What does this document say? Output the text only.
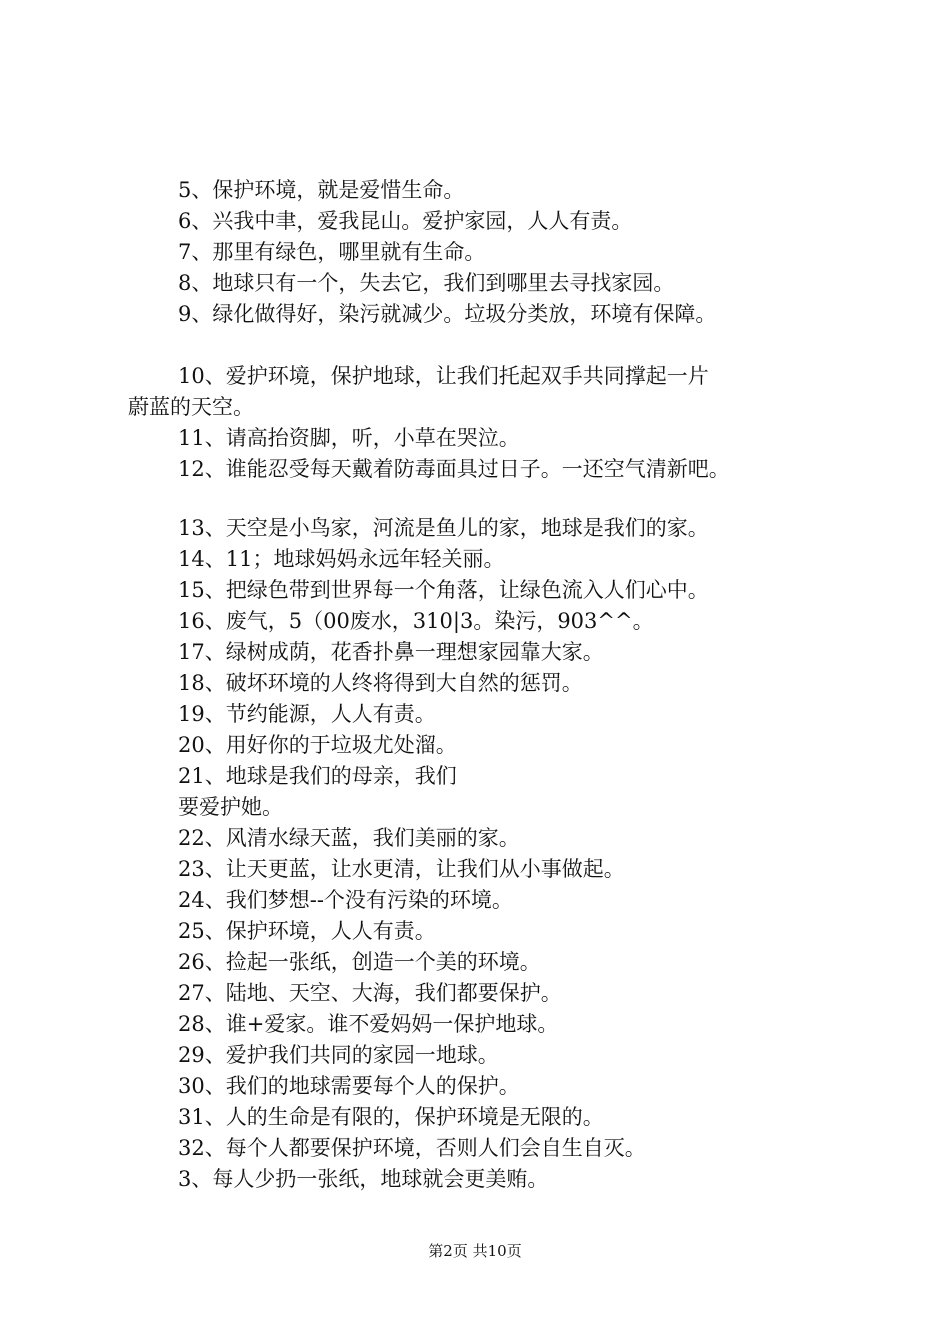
5、保护环境，就是爱惜生命。
6、兴我中聿，爱我昆山。爱护家园，人人有责。
7、那里有绿色，哪里就有生命。
8、地球只有一个，失去它，我们到哪里去寻找家园。
9、绿化做得好，染污就减少。垃圾分类放，环境有保障。
10、爱护环境，保护地球，让我们托起双手共同撑起一片
蔚蓝的天空。
11、请高抬资脚，听，小草在哭泣。
12、谁能忍受每天戴着防毒面具过日子。一还空气清新吧。
13、天空是小鸟家，河流是鱼儿的家，地球是我们的家。
14、11；地球妈妈永远年轻关丽。
15、把绿色带到世界每一个角落，让绿色流入人们心中。
16、废气，5（00废水，310|3。染污，903^^。
17、绿树成荫，花香扑鼻一理想家园靠大家。
18、破坏环境的人终将得到大自然的惩罚。
19、节约能源，人人有责。
20、用好你的于垃圾尤处溜。
21、地球是我们的母亲，我们
要爱护她。
22、风清水绿天蓝，我们美丽的家。
23、让天更蓝，让水更清，让我们从小事做起。
24、我们梦想--个没有污染的环境。
25、保护环境，人人有责。
26、捡起一张纸，创造一个美的环境。
27、陆地、天空、大海，我们都要保护。
28、谁+爱家。谁不爱妈妈一保护地球。
29、爱护我们共同的家园一地球。
30、我们的地球需要每个人的保护。
31、人的生命是有限的，保护环境是无限的。
32、每个人都要保护环境，否则人们会自生自灭。
3、每人少扔一张纸，地球就会更美贿。
第2页 共10页
